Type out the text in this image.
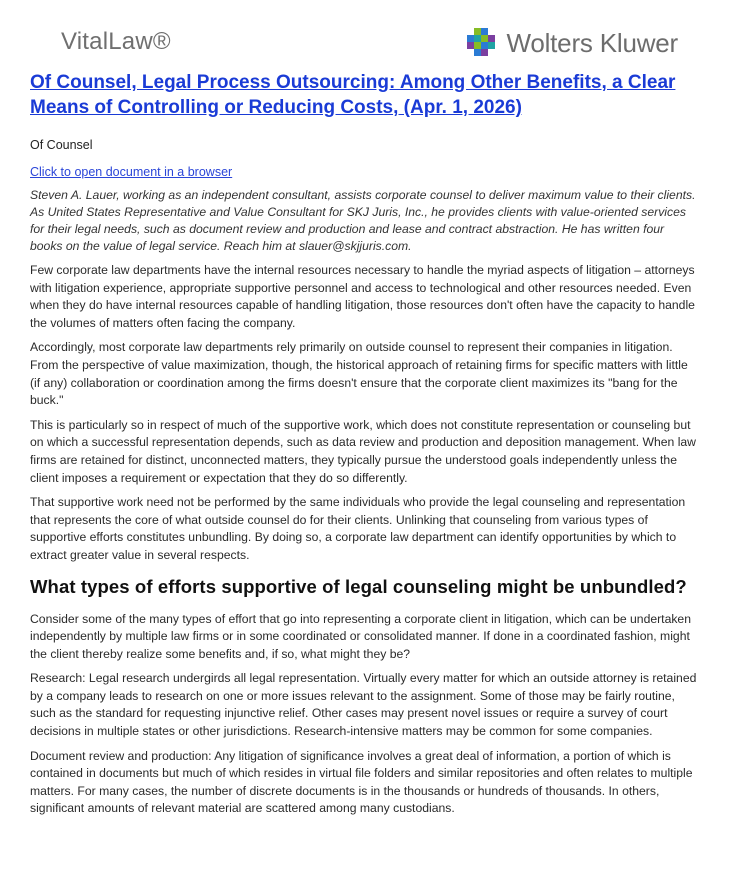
VitalLaw®	Wolters Kluwer
Of Counsel, Legal Process Outsourcing: Among Other Benefits, a Clear Means of Controlling or Reducing Costs, (Apr. 1, 2026)
Of Counsel
Click to open document in a browser

Steven A. Lauer, working as an independent consultant, assists corporate counsel to deliver maximum value to their clients. As United States Representative and Value Consultant for SKJ Juris, Inc., he provides clients with value-oriented services for their legal needs, such as document review and production and lease and contract abstraction. He has written four books on the value of legal service. Reach him at slauer@skjjuris.com.

Few corporate law departments have the internal resources necessary to handle the myriad aspects of litigation – attorneys with litigation experience, appropriate supportive personnel and access to technological and other resources needed. Even when they do have internal resources capable of handling litigation, those resources don't often have the capacity to handle the volumes of matters often facing the company.

Accordingly, most corporate law departments rely primarily on outside counsel to represent their companies in litigation. From the perspective of value maximization, though, the historical approach of retaining firms for specific matters with little (if any) collaboration or coordination among the firms doesn't ensure that the corporate client maximizes its "bang for the buck."

This is particularly so in respect of much of the supportive work, which does not constitute representation or counseling but on which a successful representation depends, such as data review and production and deposition management. When law firms are retained for distinct, unconnected matters, they typically pursue the understood goals independently unless the client imposes a requirement or expectation that they do so differently.

That supportive work need not be performed by the same individuals who provide the legal counseling and representation that represents the core of what outside counsel do for their clients. Unlinking that counseling from various types of supportive efforts constitutes unbundling. By doing so, a corporate law department can identify opportunities by which to extract greater value in several respects.

What types of efforts supportive of legal counseling might be unbundled?

Consider some of the many types of effort that go into representing a corporate client in litigation, which can be undertaken independently by multiple law firms or in some coordinated or consolidated manner. If done in a coordinated fashion, might the client thereby realize some benefits and, if so, what might they be?

Research: Legal research undergirds all legal representation. Virtually every matter for which an outside attorney is retained by a company leads to research on one or more issues relevant to the assignment. Some of those may be fairly routine, such as the standard for requesting injunctive relief. Other cases may present novel issues or require a survey of court decisions in multiple states or other jurisdictions. Research-intensive matters may be common for some companies.

Document review and production: Any litigation of significance involves a great deal of information, a portion of which is contained in documents but much of which resides in virtual file folders and similar repositories and often relates to multiple matters. For many cases, the number of discrete documents is in the thousands or hundreds of thousands. In others, significant amounts of relevant material are scattered among many custodians.
